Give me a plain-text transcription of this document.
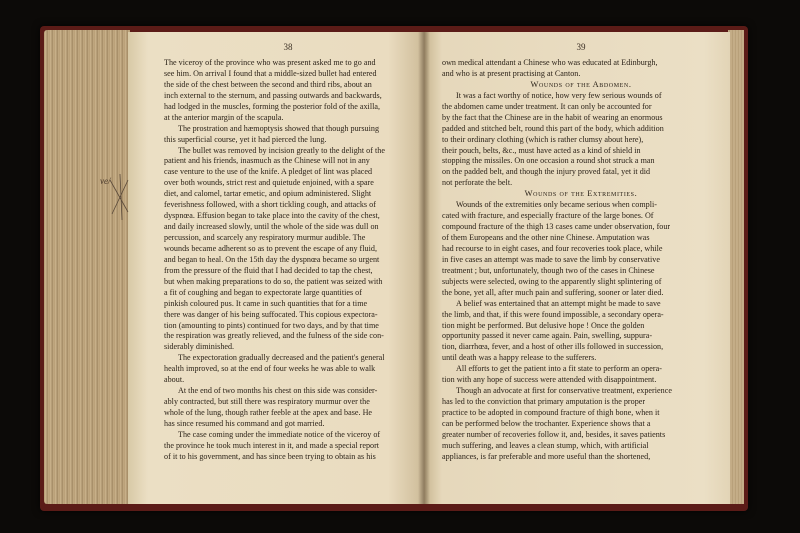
38
The viceroy of the province who was present asked me to go and
see him. On arrival I found that a middle-sized bullet had entered
the side of the chest between the second and third ribs, about an
inch external to the sternum, and passing outwards and backwards,
had lodged in the muscles, forming the posterior fold of the axilla,
at the anterior margin of the scapula.
The prostration and hæmoptysis showed that though pursuing
this superficial course, yet it had pierced the lung.
The bullet was removed by incision greatly to the delight of the
patient and his friends, inasmuch as the Chinese will not in any
case venture to the use of the knife. A pledget of lint was placed
over both wounds, strict rest and quietude enjoined, with a spare
diet, and calomel, tartar emetic, and opium administered. Slight
feverishness followed, with a short tickling cough, and attacks of
dyspnœa. Effusion began to take place into the cavity of the chest,
and daily increased slowly, until the whole of the side was dull on
percussion, and scarcely any respiratory murmur audible. The
wounds became adherent so as to prevent the escape of any fluid,
and began to heal. On the 15th day the dyspnœa became so urgent
from the pressure of the fluid that I had decided to tap the chest,
but when making preparations to do so, the patient was seized with
a fit of coughing and began to expectorate large quantities of
pinkish coloured pus. It came in such quantities that for a time
there was danger of his being suffocated. This copious expectora-
tion (amounting to pints) continued for two days, and by that time
the respiration was greatly relieved, and the fulness of the side con-
siderably diminished.
The expectoration gradually decreased and the patient's general
health improved, so at the end of four weeks he was able to walk
about.
At the end of two months his chest on this side was consider-
ably contracted, but still there was respiratory murmur over the
whole of the lung, though rather feeble at the apex and base. He
has since resumed his command and got married.
The case coming under the immediate notice of the viceroy of
the province he took much interest in it, and made a special report
of it to his government, and has since been trying to obtain as his
39
own medical attendant a Chinese who was educated at Edinburgh,
and who is at present practising at Canton.
Wounds of the Abdomen.
It was a fact worthy of notice, how very few serious wounds of
the abdomen came under treatment. It can only be accounted for
by the fact that the Chinese are in the habit of wearing an enormous
padded and stitched belt, round this part of the body, which addition
to their ordinary clothing (which is rather clumsy about here),
their pouch, belts, &c., must have acted as a kind of shield in
stopping the missiles. On one occasion a round shot struck a man
on the padded belt, and though the injury proved fatal, yet it did
not perforate the belt.
Wounds of the Extremities.
Wounds of the extremities only became serious when compli-
cated with fracture, and especially fracture of the large bones. Of
compound fracture of the thigh 13 cases came under observation, four
of them Europeans and the other nine Chinese. Amputation was
had recourse to in eight cases, and four recoveries took place, while
in five cases an attempt was made to save the limb by conservative
treatment ; but, unfortunately, though two of the cases in Chinese
subjects were selected, owing to the apparently slight splintering of
the bone, yet all, after much pain and suffering, sooner or later died.
A belief was entertained that an attempt might be made to save
the limb, and that, if this were found impossible, a secondary opera-
tion might be performed. But delusive hope ! Once the golden
opportunity passed it never came again. Pain, swelling, suppura-
tion, diarrhœa, fever, and a host of other ills followed in succession,
until death was a happy release to the sufferers.
All efforts to get the patient into a fit state to perform an opera-
tion with any hope of success were attended with disappointment.
Though an advocate at first for conservative treatment, experience
has led to the conviction that primary amputation is the proper
practice to be adopted in compound fracture of thigh bone, when it
can be performed below the trochanter. Experience shows that a
greater number of recoveries follow it, and, besides, it saves patients
much suffering, and leaves a clean stump, which, with artificial
appliances, is far preferable and more useful than the shortened,
ve/
